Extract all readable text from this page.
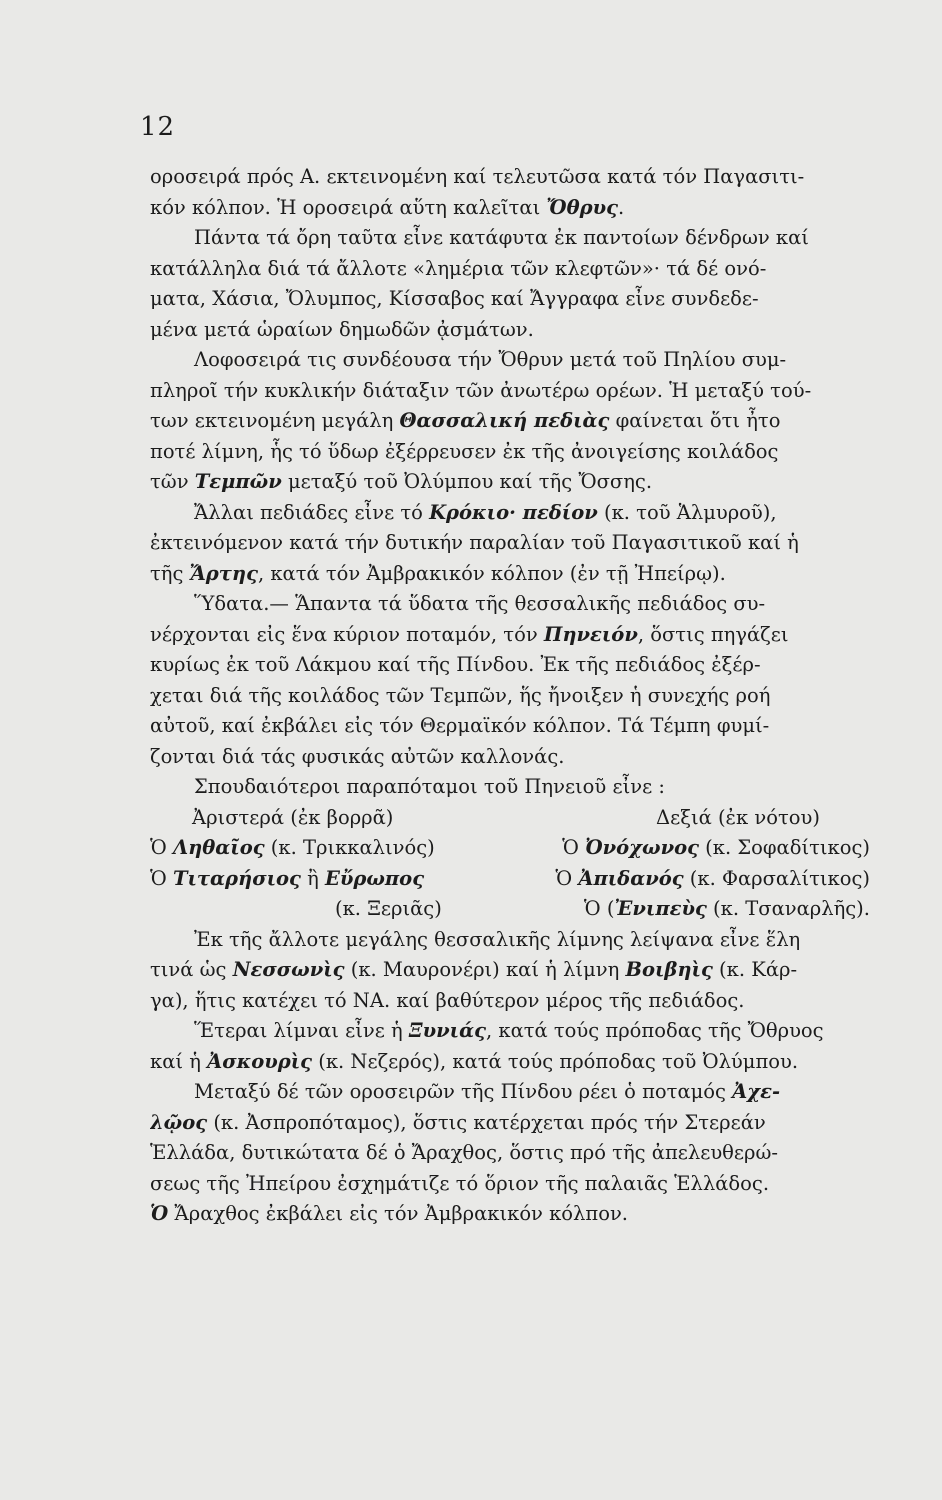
12
οροσειρά πρός Α. εκτεινομένη καί τελευτῶσα κατά τόν Παγασιτι-
κόν κόλπον. Ἡ οροσειρά αὕτη καλεῖται Ὄθρυς.
Πάντα τά ὄρη ταῦτα εἶνε κατάφυτα ἐκ παντοίων δένδρων καί
κατάλληλα διά τά ἄλλοτε «λημέρια τῶν κλεφτῶν»· τά δέ ονό-
ματα, Χάσια, Ὄλυμπος, Κίσσαβος καί Ἄγγραφα εἶνε συνδεδε-
μένα μετά ὡραίων δημωδῶν ᾀσμάτων.
Λοφοσειρά τις συνδέουσα τήν Ὄθρυν μετά τοῦ Πηλίου συμ-
πληροῖ τήν κυκλικήν διάταξιν τῶν ἀνωτέρω ορέων. Ἡ μεταξύ τού-
των εκτεινομένη μεγάλη Θασσαλική πεδιὰς φαίνεται ὅτι ἦτο
ποτέ λίμνη, ἧς τό ὕδωρ ἐξέρρευσεν ἐκ τῆς ἀνοιγείσης κοιλάδος
τῶν Τεμπῶν μεταξύ τοῦ Ὀλύμπου καί τῆς Ὄσσης.
Ἄλλαι πεδιάδες εἶνε τό Κρόκιο· πεδίον (κ. τοῦ Ἁλμυροῦ),
ἐκτεινόμενον κατά τήν δυτικήν παραλίαν τοῦ Παγασιτικοῦ καί ἡ
τῆς Ἄρτης, κατά τόν Ἀμβρακικόν κόλπον (ἐν τῇ Ἠπείρῳ).
Ὕδατα.— Ἅπαντα τά ὕδατα τῆς θεσσαλικῆς πεδιάδος συ-
νέρχονται εἰς ἕνα κύριον ποταμόν, τόν Πηνειόν, ὅστις πηγάζει
κυρίως ἐκ τοῦ Λάκμου καί τῆς Πίνδου. Ἐκ τῆς πεδιάδος ἐξέρ-
χεται διά τῆς κοιλάδος τῶν Τεμπῶν, ἥς ἤνοιξεν ἡ συνεχής ροή
αὐτοῦ, καί ἐκβάλει εἰς τόν Θερμαϊκόν κόλπον. Τά Τέμπη φυμί-
ζονται διά τάς φυσικάς αὐτῶν καλλονάς.
Σπουδαιότεροι παραπόταμοι τοῦ Πηνειοῦ εἶνε :
Ἀριστερά (ἐκ βορρᾶ)	Δεξιά (ἐκ νότου)
Ὁ Ληθαῖος (κ. Τρικκαλινός)	Ὁ Ὀνόχωνος (κ. Σοφαδίτικος)
Ὁ Τιταρήσιος ἢ Εὔρωπος	Ὁ Ἀπιδανός (κ. Φαρσαλίτικος)
(κ. Ξεριᾶς)	Ὁ (Ἐνιπεὺς (κ. Τσαναρλῆς).
Ἐκ τῆς ἄλλοτε μεγάλης θεσσαλικῆς λίμνης λείψανα εἶνε ἕλη
τινά ὡς Νεσσωνὶς (κ. Μαυρονέρι) καί ἡ λίμνη Βοιβηὶς (κ. Κάρ-
γα), ἥτις κατέχει τό ΝΑ. καί βαθύτερον μέρος τῆς πεδιάδος.
Ἕτεραι λίμναι εἶνε ἡ Ξυνιάς, κατά τούς πρόποδας τῆς Ὄθρυος
καί ἡ Ἀσκουρὶς (κ. Νεζερός), κατά τούς πρόποδας τοῦ Ὀλύμπου.
Μεταξύ δέ τῶν οροσειρῶν τῆς Πίνδου ρέει ὁ ποταμός Ἀχε-
λῷος (κ. Ἀσπροπόταμος), ὅστις κατέρχεται πρός τήν Στερεάν
Ἑλλάδα, δυτικώτατα δέ ὁ Ἄραχθος, ὅστις πρό τῆς ἀπελευθερώ-
σεως τῆς Ἠπείρου ἐσχημάτιζε τό ὅριον τῆς παλαιᾶς Ἑλλάδος.
Ὁ Ἄραχθος ἐκβάλει εἰς τόν Ἀμβρακικόν κόλπον.
